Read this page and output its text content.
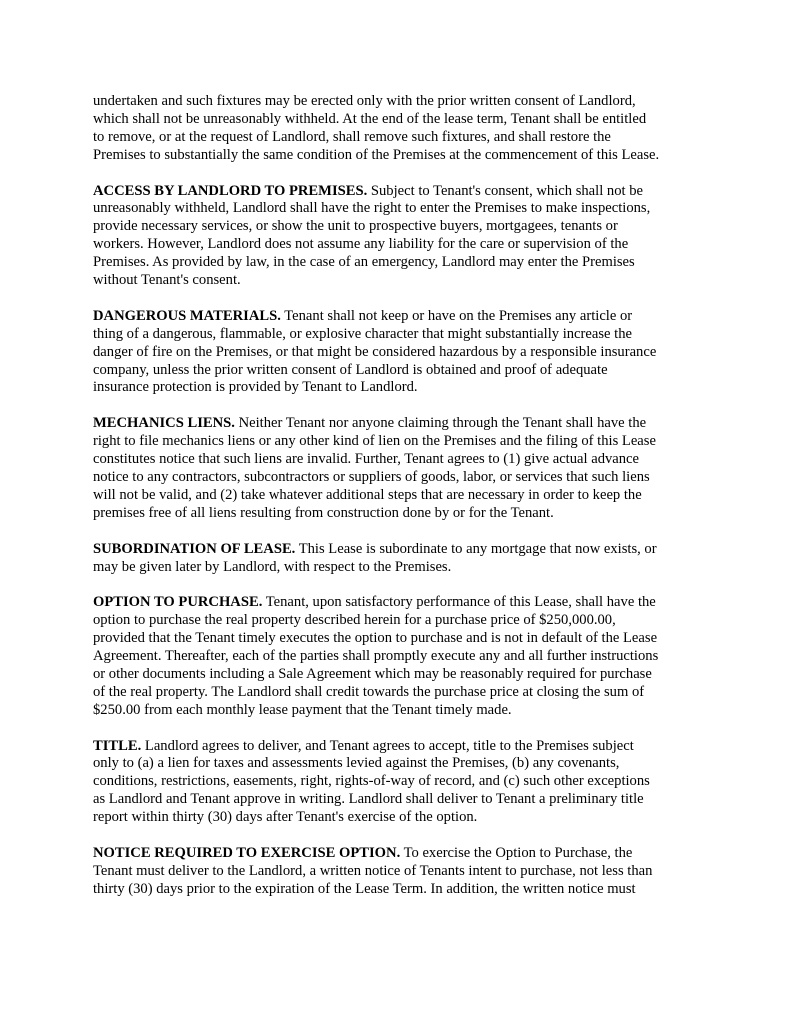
undertaken and such fixtures may be erected only with the prior written consent of Landlord,
which shall not be unreasonably withheld. At the end of the lease term, Tenant shall be entitled
to remove, or at the request of Landlord, shall remove such fixtures, and shall restore the
Premises to substantially the same condition of the Premises at the commencement of this Lease.

ACCESS BY LANDLORD TO PREMISES. Subject to Tenant's consent, which shall not be
unreasonably withheld, Landlord shall have the right to enter the Premises to make inspections,
provide necessary services, or show the unit to prospective buyers, mortgagees, tenants or
workers. However, Landlord does not assume any liability for the care or supervision of the
Premises. As provided by law, in the case of an emergency, Landlord may enter the Premises
without Tenant's consent.

DANGEROUS MATERIALS. Tenant shall not keep or have on the Premises any article or
thing of a dangerous, flammable, or explosive character that might substantially increase the
danger of fire on the Premises, or that might be considered hazardous by a responsible insurance
company, unless the prior written consent of Landlord is obtained and proof of adequate
insurance protection is provided by Tenant to Landlord.

MECHANICS LIENS. Neither Tenant nor anyone claiming through the Tenant shall have the
right to file mechanics liens or any other kind of lien on the Premises and the filing of this Lease
constitutes notice that such liens are invalid. Further, Tenant agrees to (1) give actual advance
notice to any contractors, subcontractors or suppliers of goods, labor, or services that such liens
will not be valid, and (2) take whatever additional steps that are necessary in order to keep the
premises free of all liens resulting from construction done by or for the Tenant.

SUBORDINATION OF LEASE. This Lease is subordinate to any mortgage that now exists, or
may be given later by Landlord, with respect to the Premises.

OPTION TO PURCHASE. Tenant, upon satisfactory performance of this Lease, shall have the
option to purchase the real property described herein for a purchase price of $250,000.00,
provided that the Tenant timely executes the option to purchase and is not in default of the Lease
Agreement. Thereafter, each of the parties shall promptly execute any and all further instructions
or other documents including a Sale Agreement which may be reasonably required for purchase
of the real property. The Landlord shall credit towards the purchase price at closing the sum of
$250.00 from each monthly lease payment that the Tenant timely made.

TITLE. Landlord agrees to deliver, and Tenant agrees to accept, title to the Premises subject
only to (a) a lien for taxes and assessments levied against the Premises, (b) any covenants,
conditions, restrictions, easements, right, rights-of-way of record, and (c) such other exceptions
as Landlord and Tenant approve in writing. Landlord shall deliver to Tenant a preliminary title
report within thirty (30) days after Tenant's exercise of the option.

NOTICE REQUIRED TO EXERCISE OPTION. To exercise the Option to Purchase, the
Tenant must deliver to the Landlord, a written notice of Tenants intent to purchase, not less than
thirty (30) days prior to the expiration of the Lease Term. In addition, the written notice must
